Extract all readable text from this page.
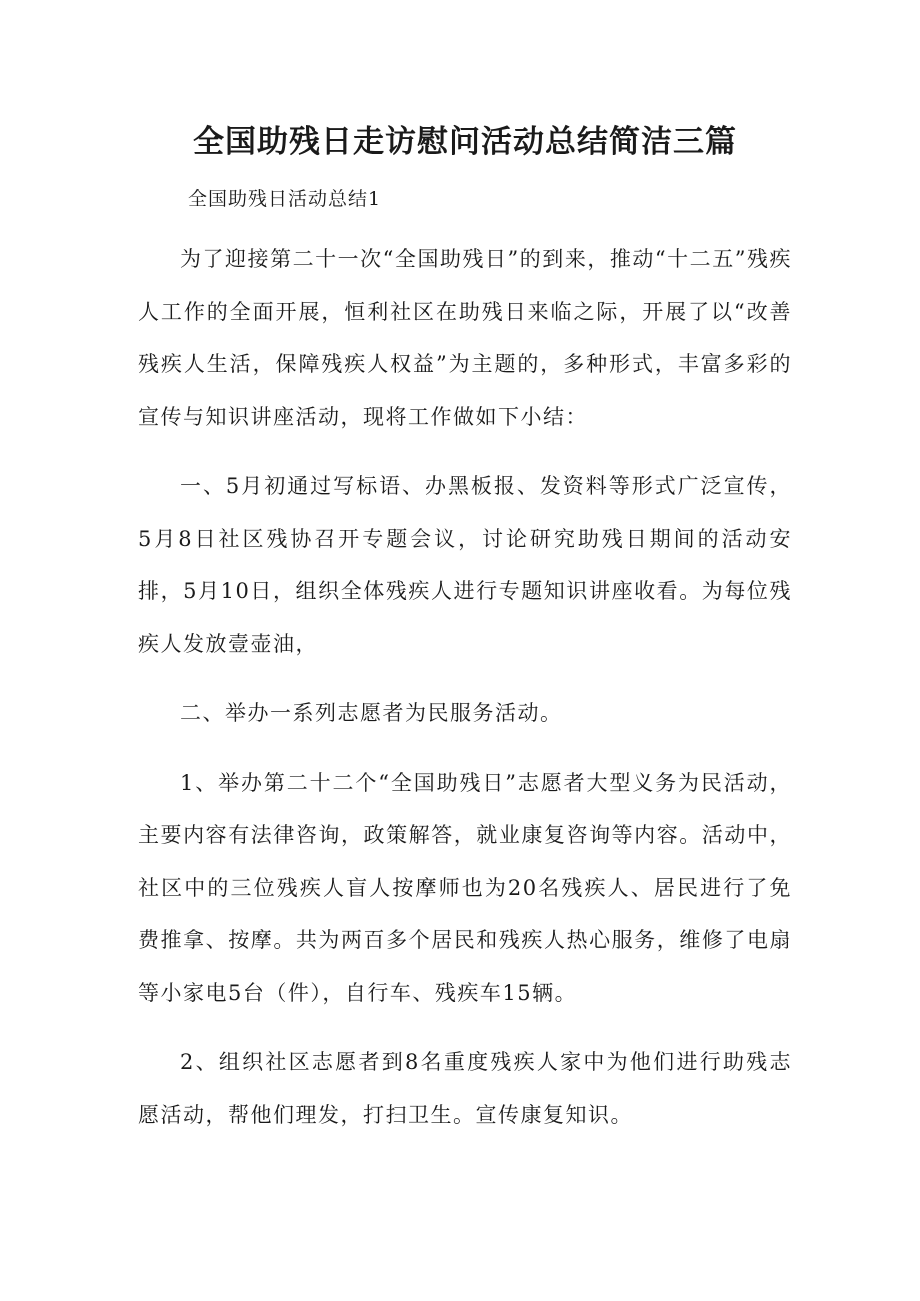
全国助残日走访慰问活动总结简洁三篇
全国助残日活动总结1

为了迎接第二十一次“全国助残日”的到来，推动“十二五”残疾人工作的全面开展，恒利社区在助残日来临之际，开展了以“改善残疾人生活，保障残疾人权益”为主题的，多种形式，丰富多彩的宣传与知识讲座活动，现将工作做如下小结：

一、5月初通过写标语、办黑板报、发资料等形式广泛宣传，5月8日社区残协召开专题会议，讨论研究助残日期间的活动安排，5月10日，组织全体残疾人进行专题知识讲座收看。为每位残疾人发放壹壶油，

二、举办一系列志愿者为民服务活动。

1、举办第二十二个“全国助残日”志愿者大型义务为民活动，主要内容有法律咨询，政策解答，就业康复咨询等内容。活动中，社区中的三位残疾人盲人按摩师也为20名残疾人、居民进行了免费推拿、按摩。共为两百多个居民和残疾人热心服务，维修了电扇等小家电5台（件），自行车、残疾车15辆。

2、组织社区志愿者到8名重度残疾人家中为他们进行助残志愿活动，帮他们理发，打扫卫生。宣传康复知识。
